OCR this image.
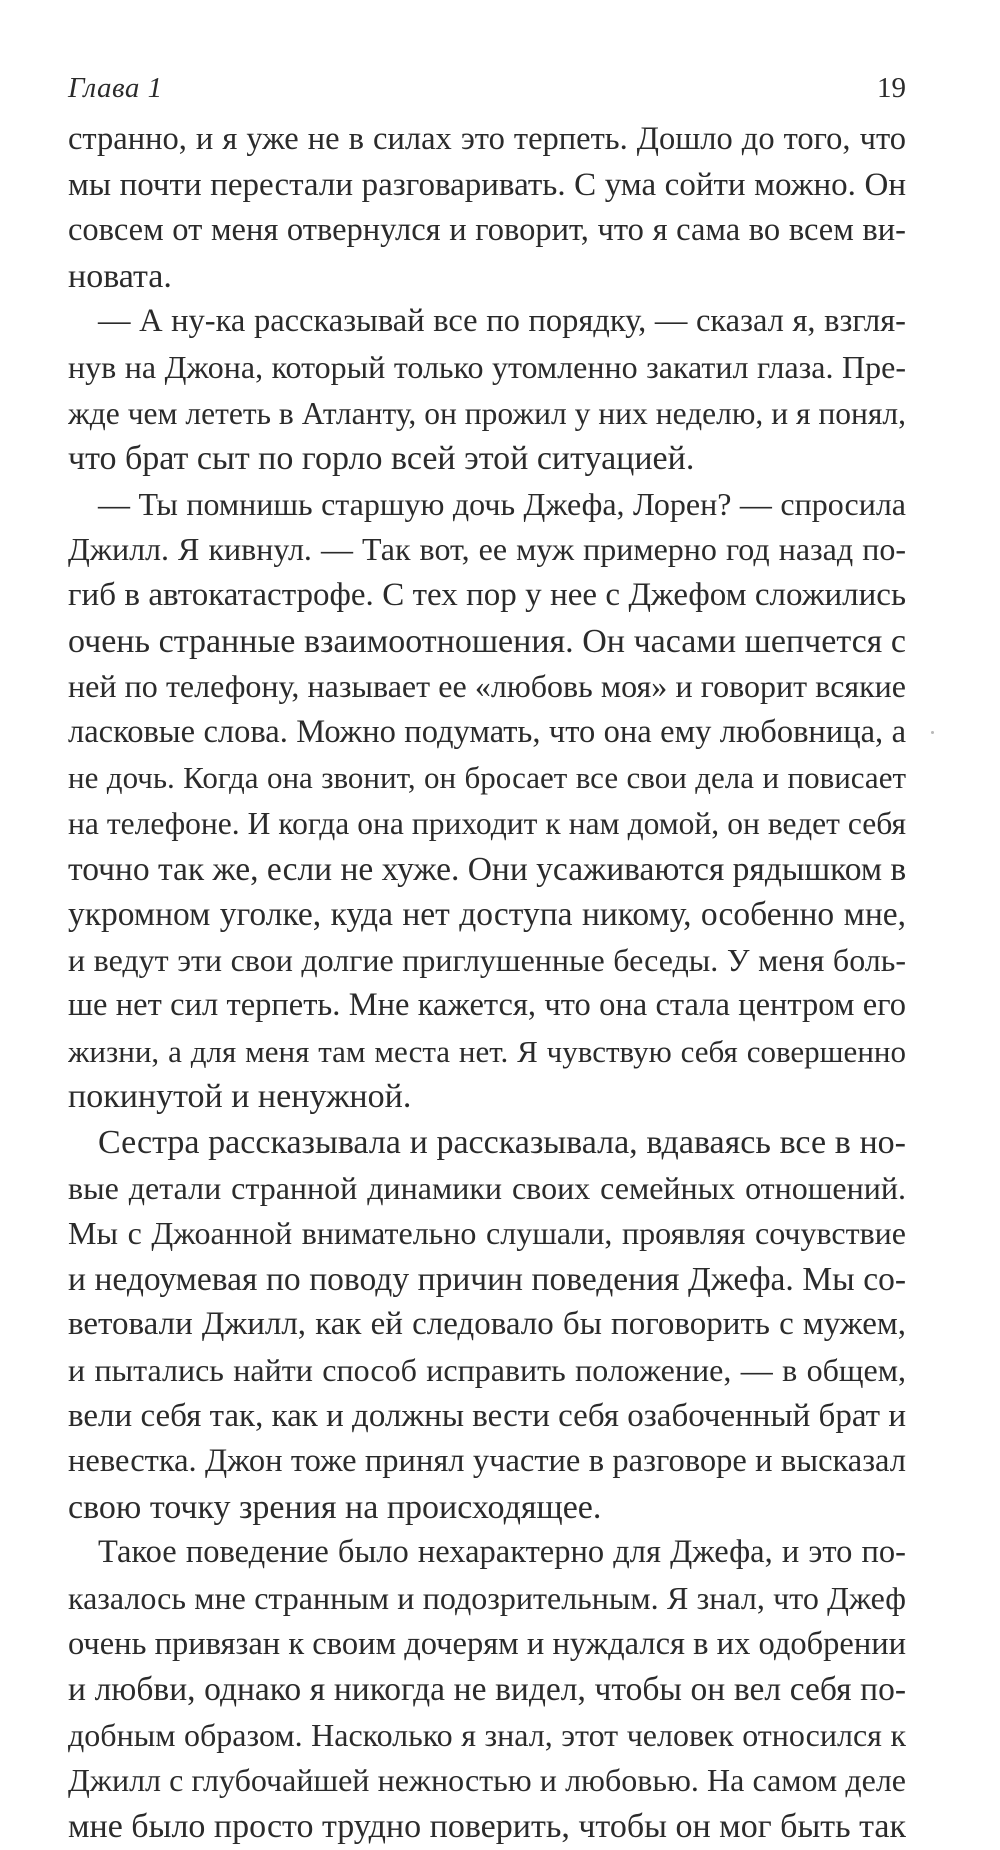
Глава 1	19
странно, и я уже не в силах это терпеть. Дошло до того, что
мы почти перестали разговаривать. С ума сойти можно. Он
совсем от меня отвернулся и говорит, что я сама во всем ви-
новата.
— А ну-ка рассказывай все по порядку, — сказал я, взгля-
нув на Джона, который только утомленно закатил глаза. Пре-
жде чем лететь в Атланту, он прожил у них неделю, и я понял,
что брат сыт по горло всей этой ситуацией.
— Ты помнишь старшую дочь Джефа, Лорен? — спросила
Джилл. Я кивнул. — Так вот, ее муж примерно год назад по-
гиб в автокатастрофе. С тех пор у нее с Джефом сложились
очень странные взаимоотношения. Он часами шепчется с
ней по телефону, называет ее «любовь моя» и говорит всякие
ласковые слова. Можно подумать, что она ему любовница, а
не дочь. Когда она звонит, он бросает все свои дела и повисает
на телефоне. И когда она приходит к нам домой, он ведет себя
точно так же, если не хуже. Они усаживаются рядышком в
укромном уголке, куда нет доступа никому, особенно мне,
и ведут эти свои долгие приглушенные беседы. У меня боль-
ше нет сил терпеть. Мне кажется, что она стала центром его
жизни, а для меня там места нет. Я чувствую себя совершенно
покинутой и ненужной.
Сестра рассказывала и рассказывала, вдаваясь все в но-
вые детали странной динамики своих семейных отношений.
Мы с Джоанной внимательно слушали, проявляя сочувствие
и недоумевая по поводу причин поведения Джефа. Мы со-
ветовали Джилл, как ей следовало бы поговорить с мужем,
и пытались найти способ исправить положение, — в общем,
вели себя так, как и должны вести себя озабоченный брат и
невестка. Джон тоже принял участие в разговоре и высказал
свою точку зрения на происходящее.
Такое поведение было нехарактерно для Джефа, и это по-
казалось мне странным и подозрительным. Я знал, что Джеф
очень привязан к своим дочерям и нуждался в их одобрении
и любви, однако я никогда не видел, чтобы он вел себя по-
добным образом. Насколько я знал, этот человек относился к
Джилл с глубочайшей нежностью и любовью. На самом деле
мне было просто трудно поверить, чтобы он мог быть так
